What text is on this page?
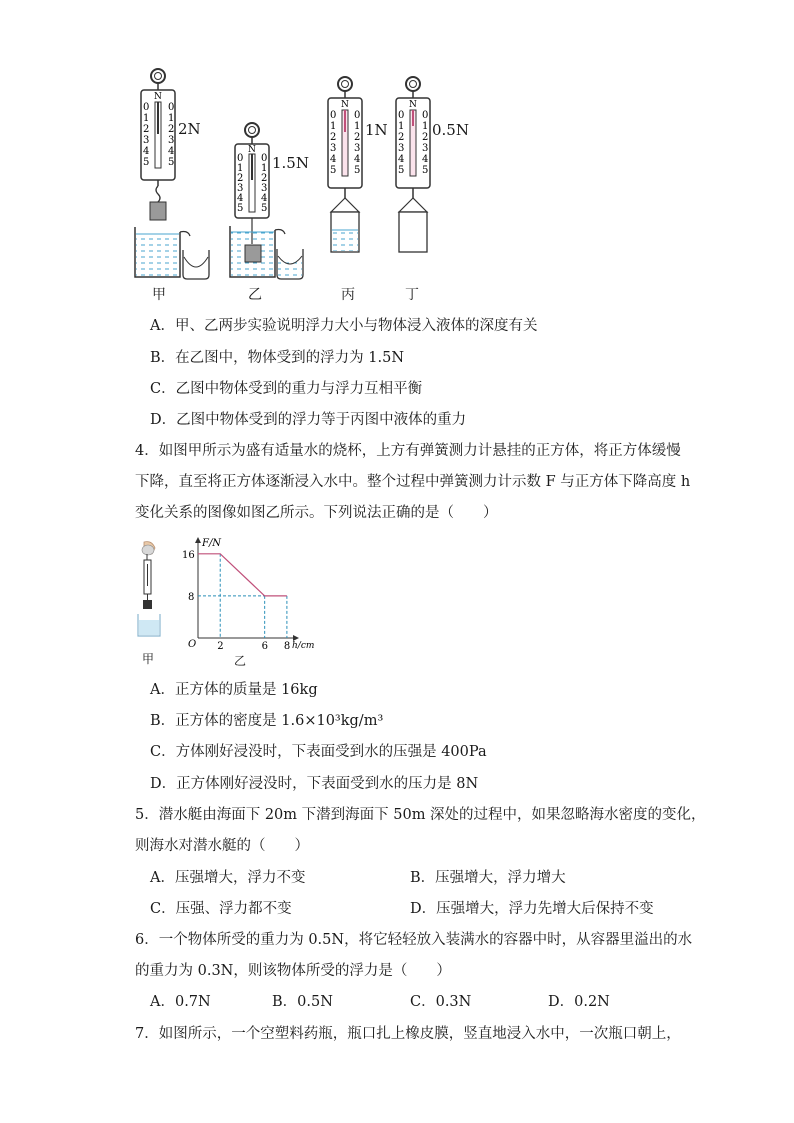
N
0
1
2
3
4
5
0
1
2
3
4
5
N
0
1
2
3
4
5
0
1
2
3
4
5
N
0
1
2
3
4
5
0
1
2
3
4
5
N
0
1
2
3
4
5
0
1
2
3
4
5
2N
1.5N
1N	0.5N
甲	乙	丙	丁
A．甲、乙两步实验说明浮力大小与物体浸入液体的深度有关
B．在乙图中，物体受到的浮力为 1.5N
C．乙图中物体受到的重力与浮力互相平衡
D．乙图中物体受到的浮力等于丙图中液体的重力
4．如图甲所示为盛有适量水的烧杯，上方有弹簧测力计悬挂的正方体，将正方体缓慢
下降，直至将正方体逐渐浸入水中。整个过程中弹簧测力计示数 F 与正方体下降高度 h
变化关系的图像如图乙所示。下列说法正确的是（　　）
F/N
h/cm
O 2	6 8
16
8
甲	乙
A．正方体的质量是 16kg
B．正方体的密度是 1.6×10³kg/m³
C．方体刚好浸没时，下表面受到水的压强是 400Pa
D．正方体刚好浸没时，下表面受到水的压力是 8N
5．潜水艇由海面下 20m 下潜到海面下 50m 深处的过程中，如果忽略海水密度的变化，
则海水对潜水艇的（　　）
A．压强增大，浮力不变	B．压强增大，浮力增大
C．压强、浮力都不变	D．压强增大，浮力先增大后保持不变
6．一个物体所受的重力为 0.5N，将它轻轻放入装满水的容器中时，从容器里溢出的水
的重力为 0.3N，则该物体所受的浮力是（　　）
A．0.7N	B．0.5N	C．0.3N	D．0.2N
7．如图所示，一个空塑料药瓶，瓶口扎上橡皮膜，竖直地浸入水中，一次瓶口朝上，
